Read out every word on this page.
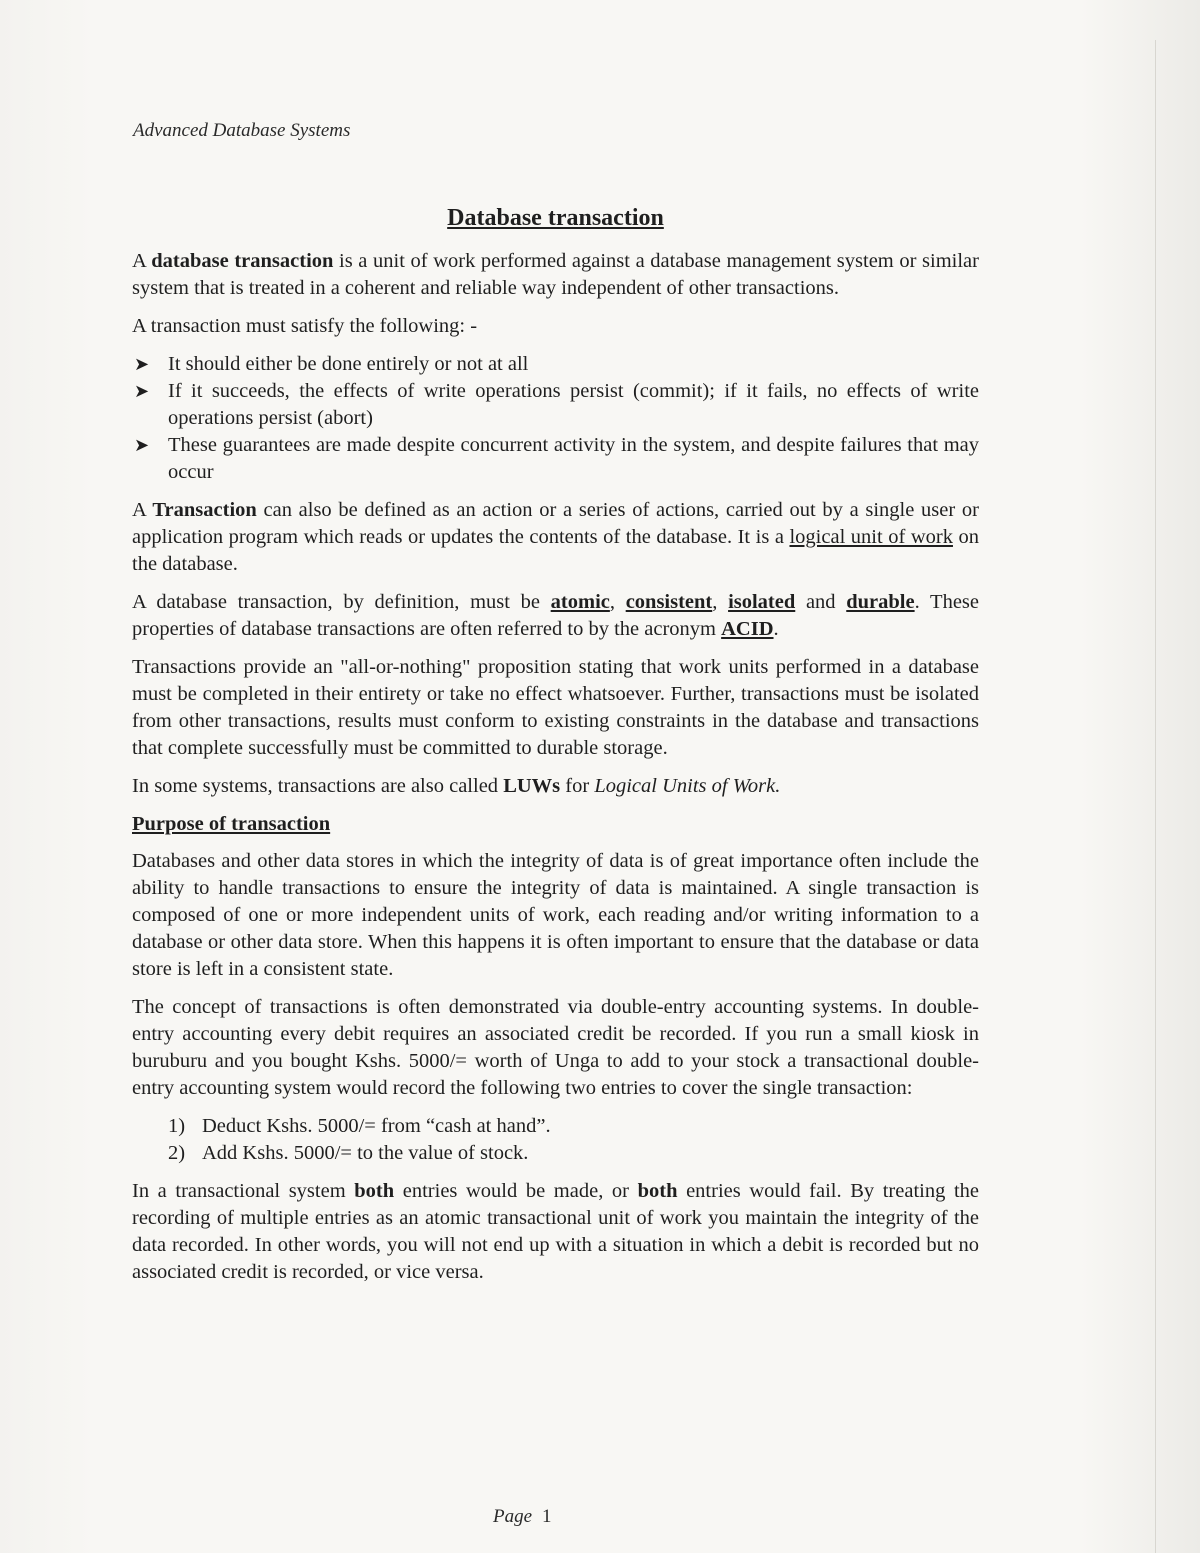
Advanced Database Systems
Database transaction

A database transaction is a unit of work performed against a database management system or similar system that is treated in a coherent and reliable way independent of other transactions.

A transaction must satisfy the following: -

➤ It should either be done entirely or not at all
➤ If it succeeds, the effects of write operations persist (commit); if it fails, no effects of write operations persist (abort)
➤ These guarantees are made despite concurrent activity in the system, and despite failures that may occur

A Transaction can also be defined as an action or a series of actions, carried out by a single user or application program which reads or updates the contents of the database. It is a logical unit of work on the database.

A database transaction, by definition, must be atomic, consistent, isolated and durable. These properties of database transactions are often referred to by the acronym ACID.

Transactions provide an "all-or-nothing" proposition stating that work units performed in a database must be completed in their entirety or take no effect whatsoever. Further, transactions must be isolated from other transactions, results must conform to existing constraints in the database and transactions that complete successfully must be committed to durable storage.

In some systems, transactions are also called LUWs for Logical Units of Work.

Purpose of transaction

Databases and other data stores in which the integrity of data is of great importance often include the ability to handle transactions to ensure the integrity of data is maintained. A single transaction is composed of one or more independent units of work, each reading and/or writing information to a database or other data store. When this happens it is often important to ensure that the database or data store is left in a consistent state.

The concept of transactions is often demonstrated via double-entry accounting systems. In double-entry accounting every debit requires an associated credit be recorded. If you run a small kiosk in buruburu and you bought Kshs. 5000/= worth of Unga to add to your stock a transactional double-entry accounting system would record the following two entries to cover the single transaction:

1) Deduct Kshs. 5000/= from “cash at hand”.
2) Add Kshs. 5000/= to the value of stock.

In a transactional system both entries would be made, or both entries would fail. By treating the recording of multiple entries as an atomic transactional unit of work you maintain the integrity of the data recorded. In other words, you will not end up with a situation in which a debit is recorded but no associated credit is recorded, or vice versa.

Page 1
